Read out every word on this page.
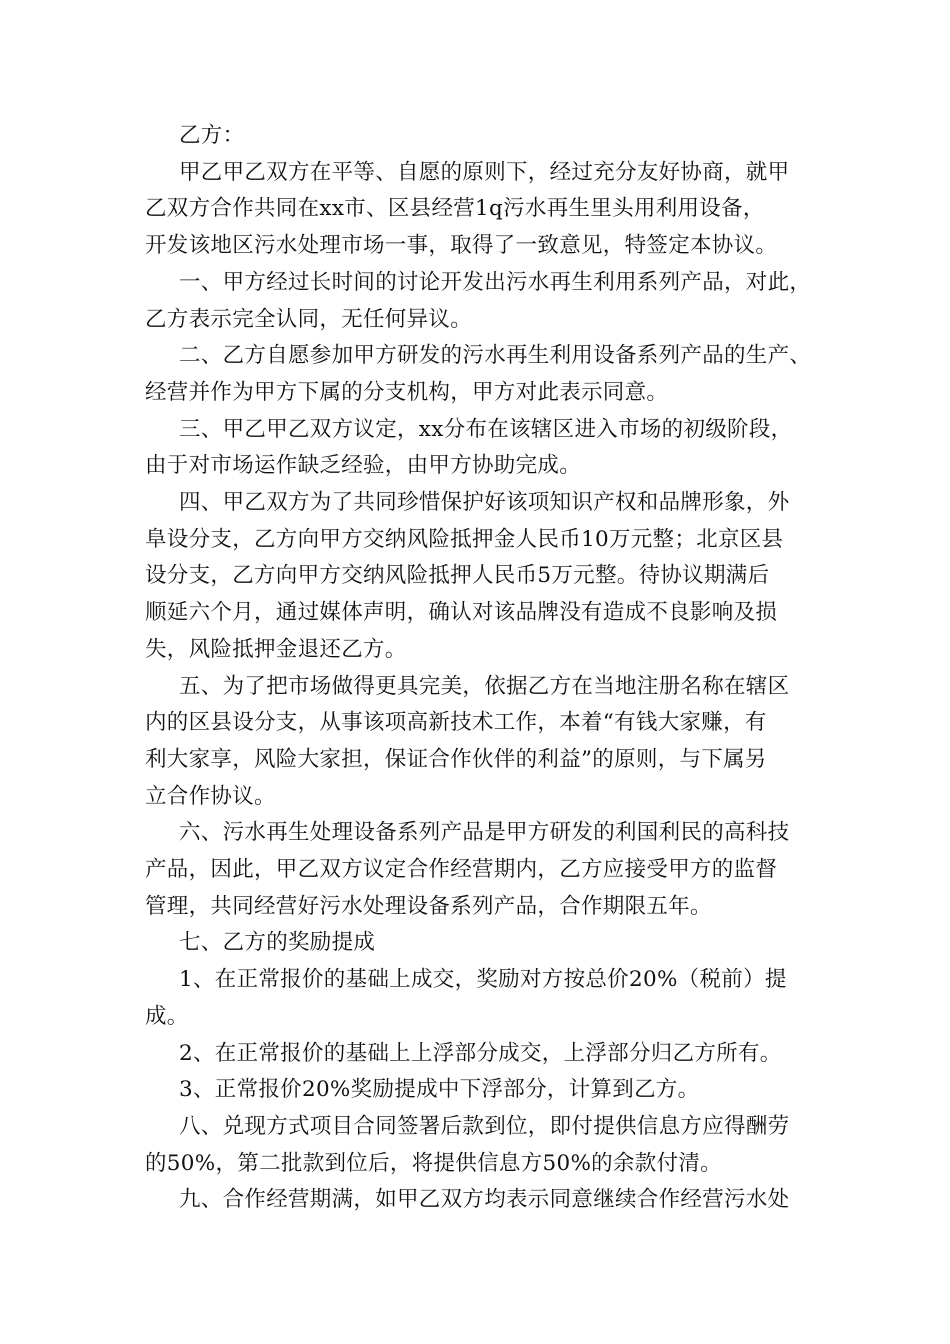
乙方：
甲乙甲乙双方在平等、自愿的原则下，经过充分友好协商，就甲
乙双方合作共同在xx市、区县经营1q污水再生里头用利用设备，
开发该地区污水处理市场一事，取得了一致意见，特签定本协议。
一、甲方经过长时间的讨论开发出污水再生利用系列产品，对此，
乙方表示完全认同，无任何异议。
二、乙方自愿参加甲方研发的污水再生利用设备系列产品的生产、
经营并作为甲方下属的分支机构，甲方对此表示同意。
三、甲乙甲乙双方议定，xx分布在该辖区进入市场的初级阶段，
由于对市场运作缺乏经验，由甲方协助完成。
四、甲乙双方为了共同珍惜保护好该项知识产权和品牌形象，外
阜设分支，乙方向甲方交纳风险抵押金人民币10万元整；北京区县
设分支，乙方向甲方交纳风险抵押人民币5万元整。待协议期满后
顺延六个月，通过媒体声明，确认对该品牌没有造成不良影响及损
失，风险抵押金退还乙方。
五、为了把市场做得更具完美，依据乙方在当地注册名称在辖区
内的区县设分支，从事该项高新技术工作，本着“有钱大家赚，有
利大家享，风险大家担，保证合作伙伴的利益”的原则，与下属另
立合作协议。
六、污水再生处理设备系列产品是甲方研发的利国利民的高科技
产品，因此，甲乙双方议定合作经营期内，乙方应接受甲方的监督
管理，共同经营好污水处理设备系列产品，合作期限五年。
七、乙方的奖励提成
1、在正常报价的基础上成交，奖励对方按总价20%（税前）提
成。
2、在正常报价的基础上上浮部分成交，上浮部分归乙方所有。
3、正常报价20%奖励提成中下浮部分，计算到乙方。
八、兑现方式项目合同签署后款到位，即付提供信息方应得酬劳
的50%，第二批款到位后，将提供信息方50%的余款付清。
九、合作经营期满，如甲乙双方均表示同意继续合作经营污水处
